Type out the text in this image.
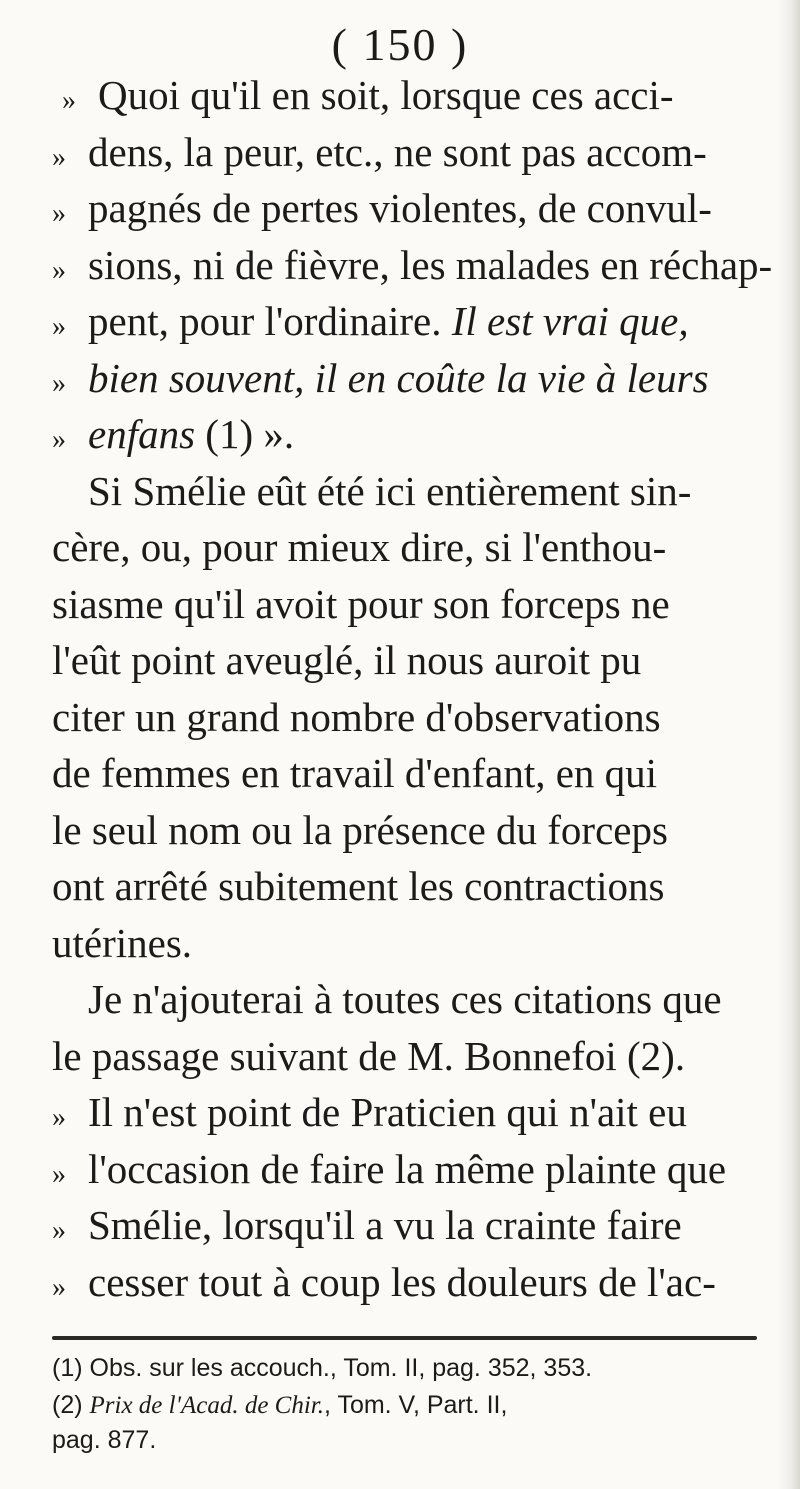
( 150 )
» Quoi qu'il en soit, lorsque ces acci-
» dens, la peur, etc., ne sont pas accom-
» pagnés de pertes violentes, de convul-
» sions, ni de fièvre, les malades en réchap-
» pent, pour l'ordinaire. Il est vrai que,
» bien souvent, il en coûte la vie à leurs
» enfans (1) ».
Si Smélie eût été ici entièrement sin-
cère, ou, pour mieux dire, si l'enthou-
siasme qu'il avoit pour son forceps ne
l'eût point aveuglé, il nous auroit pu
citer un grand nombre d'observations
de femmes en travail d'enfant, en qui
le seul nom ou la présence du forceps
ont arrêté subitement les contractions
utérines.
Je n'ajouterai à toutes ces citations que
le passage suivant de M. Bonnefoi (2).
» Il n'est point de Praticien qui n'ait eu
» l'occasion de faire la même plainte que
» Smélie, lorsqu'il a vu la crainte faire
(1) Obs. sur les accouch., Tom. II, pag. 352, 353.
(2) Prix de l'Acad. de Chir., Tom. V, Part. II,
pag. 877.
» cesser tout à coup les douleurs de l'ac-
